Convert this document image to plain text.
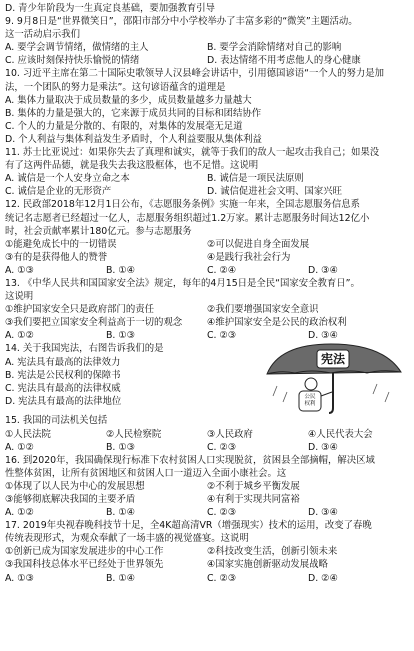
D. 青少年阶段为一生真定良基础，要加强教育引导
9. 9月8日是“世界微笑日”，邵阳市部分中小学校举办了丰富多彩的“微笑”主题活动。
这一活动启示我们
A. 要学会调节情绪，做情绪的主人	B. 要学会消除情绪对自己的影响
C. 应该时刻保持快乐愉悦的情绪	D. 表达情绪不用考虑他人的身心健康
10. 习近平主席在第二十国际史歌领导人汉县峰会讲话中，引用德国谚语“一个人的努力是加
法，一个团队的努力是乘法”。这句谚语蕴含的道理是
A. 集体力量取决于成员数量的多少，成员数量越多力量越大
B. 集体的力量是强大的，它来源于成员共同的目标和团结协作
C. 个人的力量是分散的、有限的，对集体的发展毫无足道
D. 个人利益与集体利益发生矛盾时，个人利益要服从集体利益
11. 苏士比亚说过：如果你失去了真理和诚实，就等于我们的敌人一起攻击我自己；如果没
有了这两件品德，就是我失去我这股框体，也不足惜。这说明
A. 诚信是一个人安身立命之本	B. 诚信是一项民法原则
C. 诚信是企业的无形资产	D. 诚信促进社会文明、国家兴旺
12. 民政部2018年12月1日公布，《志愿服务条例》实施一年来，全国志愿服务信息系
统记名志愿者已经超过一亿人，志愿服务组织超过1.2万家。累计志愿服务时间达12亿小
时，社会贡献率累计180亿元。参与志愿服务
①能避免成长中的一切错误	②可以促进自身全面发展
③有的是获得他人的赞誉	④是践行我社会行为
A. ①③	B. ①④	C. ②④	D. ③④
13. 《中华人民共和国国家安全法》规定，每年的4月15日是全民“国家安全教育日”。
这说明
①维护国家安全只是政府部门的责任	②我们要增强国家安全意识
③我们要把立国家安全利益高于一切的观念	④维护国家安全是公民的政治权利
A. ①②	B. ①③	C. ②③	D. ③④
14. 关于我国宪法，右图告诉我们的是
A. 宪法具有最高的法律效力
B. 宪法是公民权利的保障书
C. 宪法具有最高的法律权威
D. 宪法具有最高的法律地位
宪法
公民
权利
15. 我国的司法机关包括
①人民法院	②人民检察院	③人民政府	④人民代表大会
A. ①②	B. ①③	C. ②③	D. ③④
16. 到2020年，我国确保现行标准下农村贫困人口实现脱贫，贫困县全部摘帽，解决区域
性整体贫困，让所有贫困地区和贫困人口一道迈入全面小康社会。这
①体现了以人民为中心的发展思想	②不利于城乡平衡发展
③能够彻底解决我国的主要矛盾	④有利于实现共同富裕
A. ①②	B. ①④	C. ②③	D. ③④
17. 2019年央视春晚科技节十足，全4K超高清VR（增强现实）技术的运用，改变了春晚
传统表现形式，为观众奉献了一场丰盛的视觉盛宴。这说明
①创新已成为国家发展进步的中心工作	②科技改变生活，创新引领未来
③我国科技总体水平已经处于世界领先	④国家实施创新驱动发展战略
A. ①③	B. ①④	C. ②③	D. ②④
